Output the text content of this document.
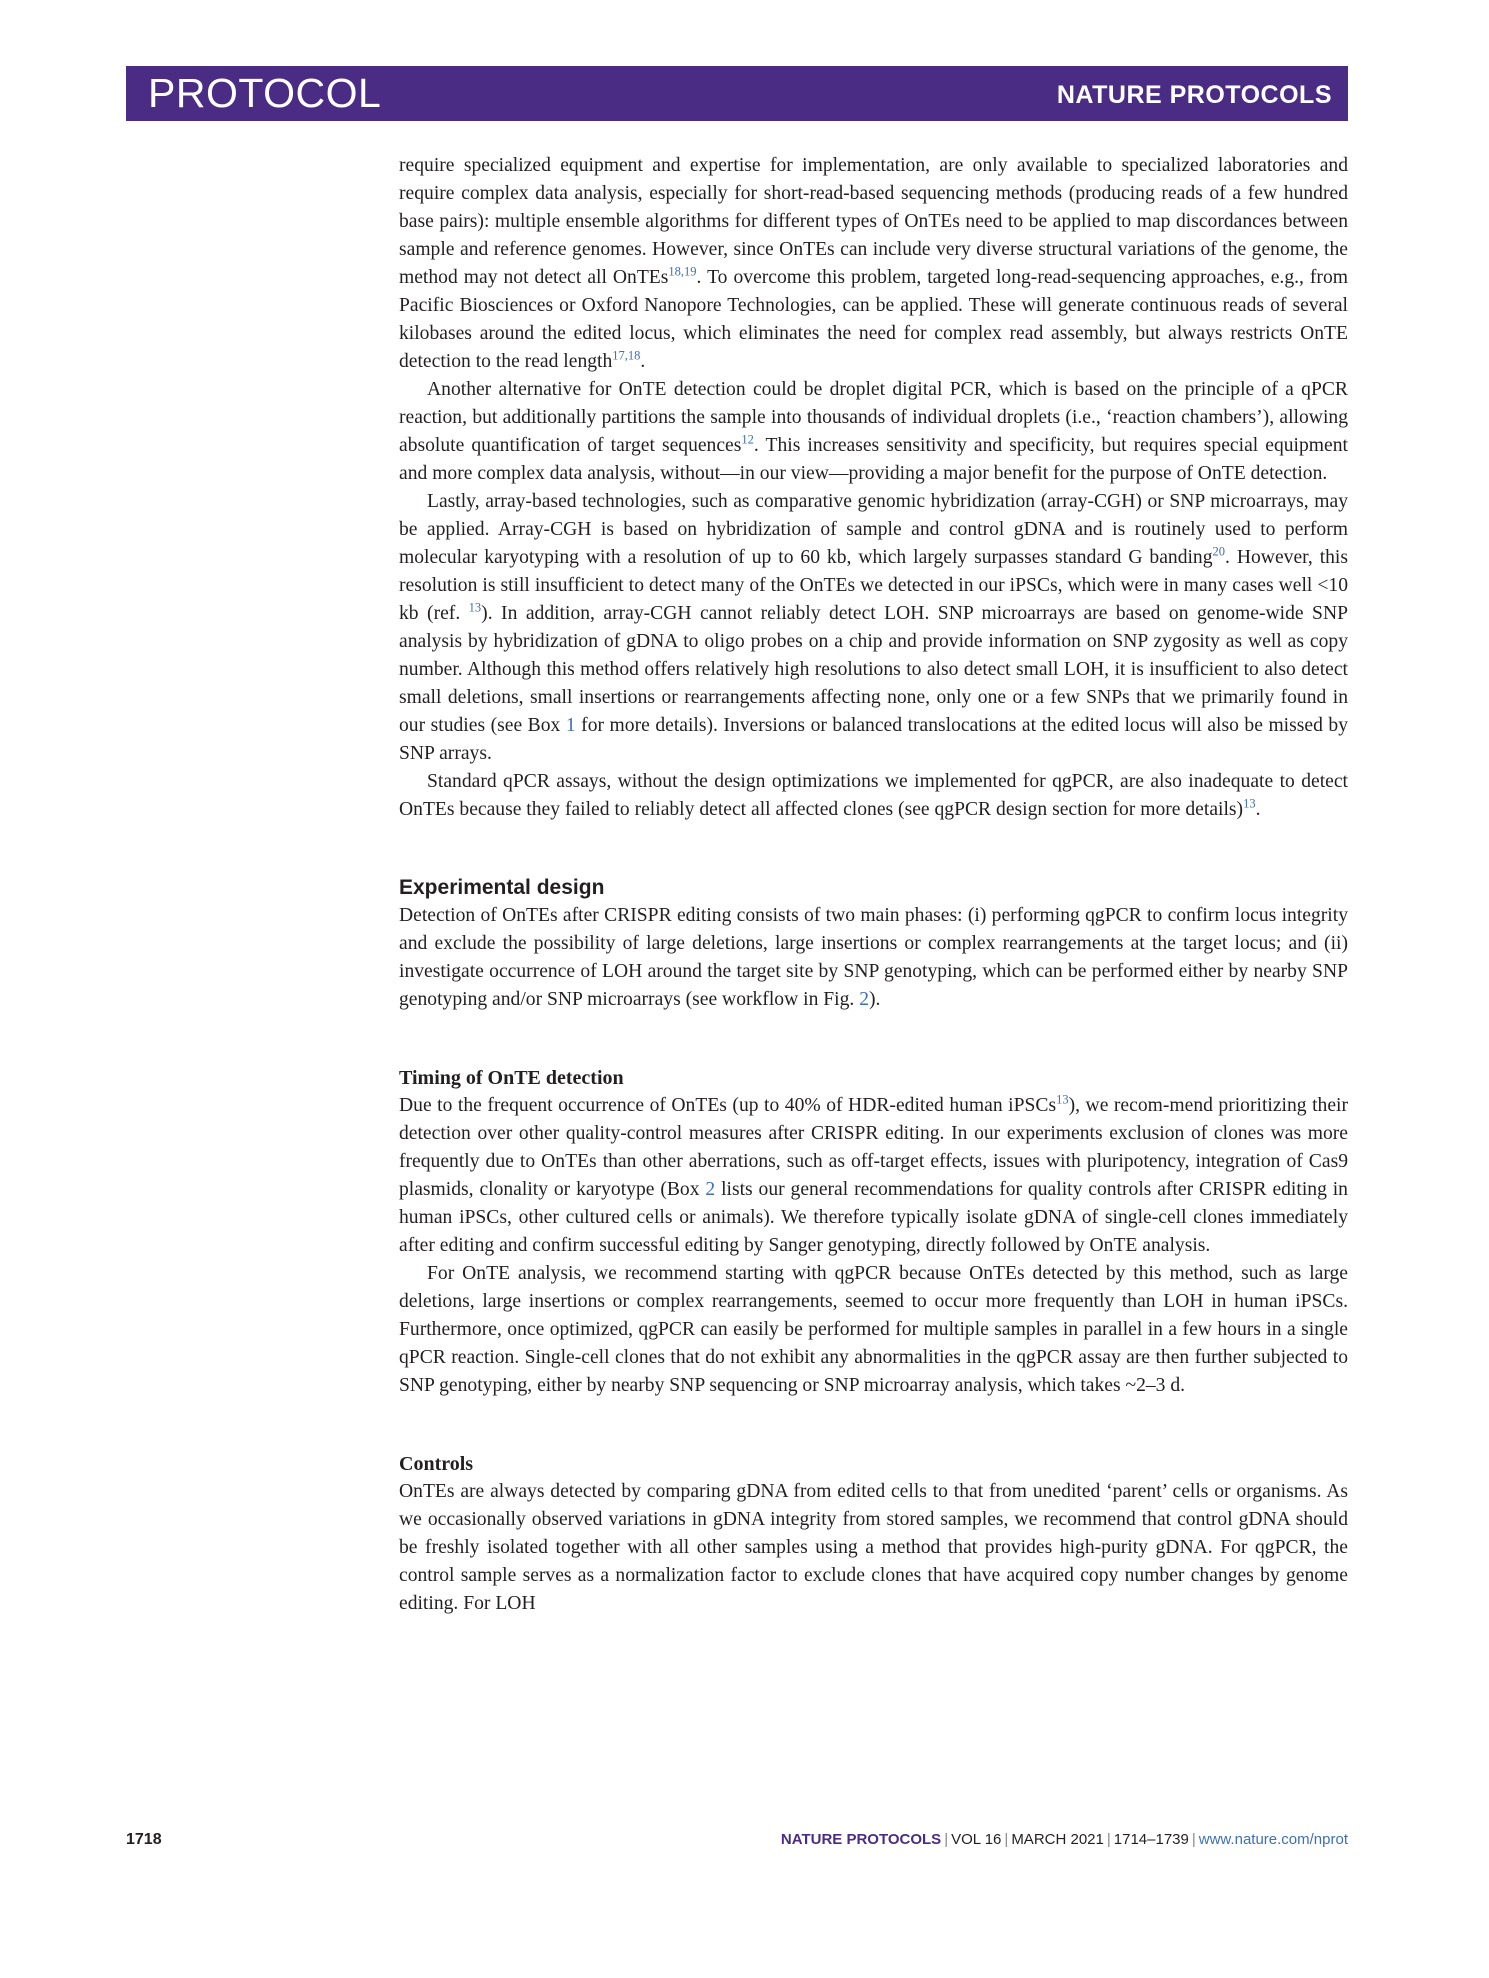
PROTOCOL	NATURE PROTOCOLS

require specialized equipment and expertise for implementation, are only available to specialized laboratories and require complex data analysis, especially for short-read-based sequencing methods (producing reads of a few hundred base pairs): multiple ensemble algorithms for different types of OnTEs need to be applied to map discordances between sample and reference genomes. However, since OnTEs can include very diverse structural variations of the genome, the method may not detect all OnTEs$^{18,19}$. To overcome this problem, targeted long-read-sequencing approaches, e.g., from Pacific Biosciences or Oxford Nanopore Technologies, can be applied. These will generate continuous reads of several kilobases around the edited locus, which eliminates the need for complex read assembly, but always restricts OnTE detection to the read length$^{17,18}$.

Another alternative for OnTE detection could be droplet digital PCR, which is based on the principle of a qPCR reaction, but additionally partitions the sample into thousands of individual droplets (i.e., ‘reaction chambers’), allowing absolute quantification of target sequences$^{12}$. This increases sensitivity and specificity, but requires special equipment and more complex data analysis, without—in our view—providing a major benefit for the purpose of OnTE detection.

Lastly, array-based technologies, such as comparative genomic hybridization (array-CGH) or SNP microarrays, may be applied. Array-CGH is based on hybridization of sample and control gDNA and is routinely used to perform molecular karyotyping with a resolution of up to 60 kb, which largely surpasses standard G banding$^{20}$. However, this resolution is still insufficient to detect many of the OnTEs we detected in our iPSCs, which were in many cases well <10 kb (ref. $^{13}$). In addition, array-CGH cannot reliably detect LOH. SNP microarrays are based on genome-wide SNP analysis by hybridization of gDNA to oligo probes on a chip and provide information on SNP zygosity as well as copy number. Although this method offers relatively high resolutions to also detect small LOH, it is insufficient to also detect small deletions, small insertions or rearrangements affecting none, only one or a few SNPs that we primarily found in our studies (see Box 1 for more details). Inversions or balanced translocations at the edited locus will also be missed by SNP arrays.

Standard qPCR assays, without the design optimizations we implemented for qgPCR, are also inadequate to detect OnTEs because they failed to reliably detect all affected clones (see qgPCR design section for more details)$^{13}$.

Experimental design

Detection of OnTEs after CRISPR editing consists of two main phases: (i) performing qgPCR to confirm locus integrity and exclude the possibility of large deletions, large insertions or complex rearrangements at the target locus; and (ii) investigate occurrence of LOH around the target site by SNP genotyping, which can be performed either by nearby SNP genotyping and/or SNP microarrays (see workflow in Fig. 2).

Timing of OnTE detection

Due to the frequent occurrence of OnTEs (up to 40% of HDR-edited human iPSCs$^{13}$), we recom-mend prioritizing their detection over other quality-control measures after CRISPR editing. In our experiments exclusion of clones was more frequently due to OnTEs than other aberrations, such as off-target effects, issues with pluripotency, integration of Cas9 plasmids, clonality or karyotype (Box 2 lists our general recommendations for quality controls after CRISPR editing in human iPSCs, other cultured cells or animals). We therefore typically isolate gDNA of single-cell clones immediately after editing and confirm successful editing by Sanger genotyping, directly followed by OnTE analysis.

For OnTE analysis, we recommend starting with qgPCR because OnTEs detected by this method, such as large deletions, large insertions or complex rearrangements, seemed to occur more frequently than LOH in human iPSCs. Furthermore, once optimized, qgPCR can easily be performed for multiple samples in parallel in a few hours in a single qPCR reaction. Single-cell clones that do not exhibit any abnormalities in the qgPCR assay are then further subjected to SNP genotyping, either by nearby SNP sequencing or SNP microarray analysis, which takes ~2–3 d.

Controls

OnTEs are always detected by comparing gDNA from edited cells to that from unedited ‘parent’ cells or organisms. As we occasionally observed variations in gDNA integrity from stored samples, we recommend that control gDNA should be freshly isolated together with all other samples using a method that provides high-purity gDNA. For qgPCR, the control sample serves as a normalization factor to exclude clones that have acquired copy number changes by genome editing. For LOH

1718	NATURE PROTOCOLS | VOL 16 | MARCH 2021 | 1714–1739 | www.nature.com/nprot
